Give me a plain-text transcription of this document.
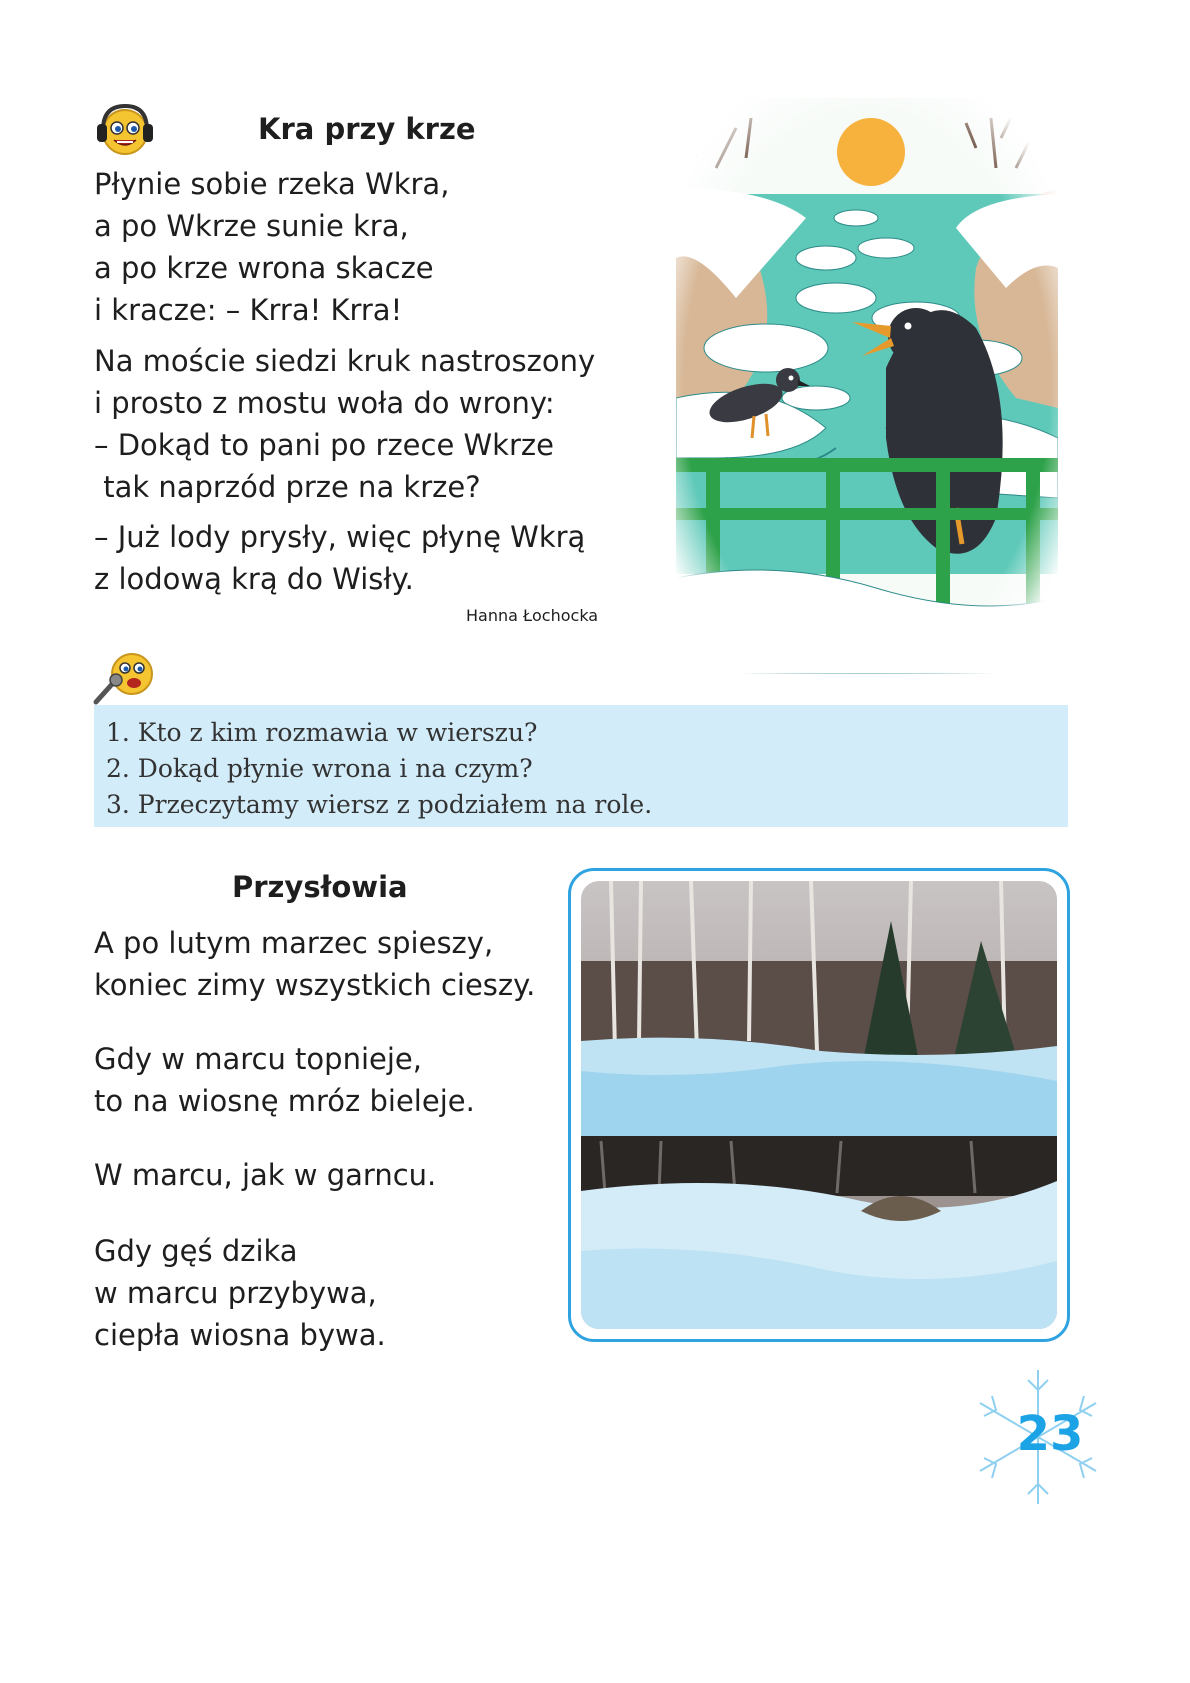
Kra przy krze
Płynie sobie rzeka Wkra,
a po Wkrze sunie kra,
a po krze wrona skacze
i kracze: – Krra! Krra!
Na moście siedzi kruk nastroszony
i prosto z mostu woła do wrony:
– Dokąd to pani po rzece Wkrze
tak naprzód prze na krze?
– Już lody prysły, więc płynę Wkrą
z lodową krą do Wisły.
Hanna Łochocka
1. Kto z kim rozmawia w wierszu?
2. Dokąd płynie wrona i na czym?
3. Przeczytamy wiersz z podziałem na role.
Przysłowia
A po lutym marzec spieszy,
koniec zimy wszystkich cieszy.
Gdy w marcu topnieje,
to na wiosnę mróz bieleje.
W marcu, jak w garncu.
Gdy gęś dzika
w marcu przybywa,
ciepła wiosna bywa.
23
